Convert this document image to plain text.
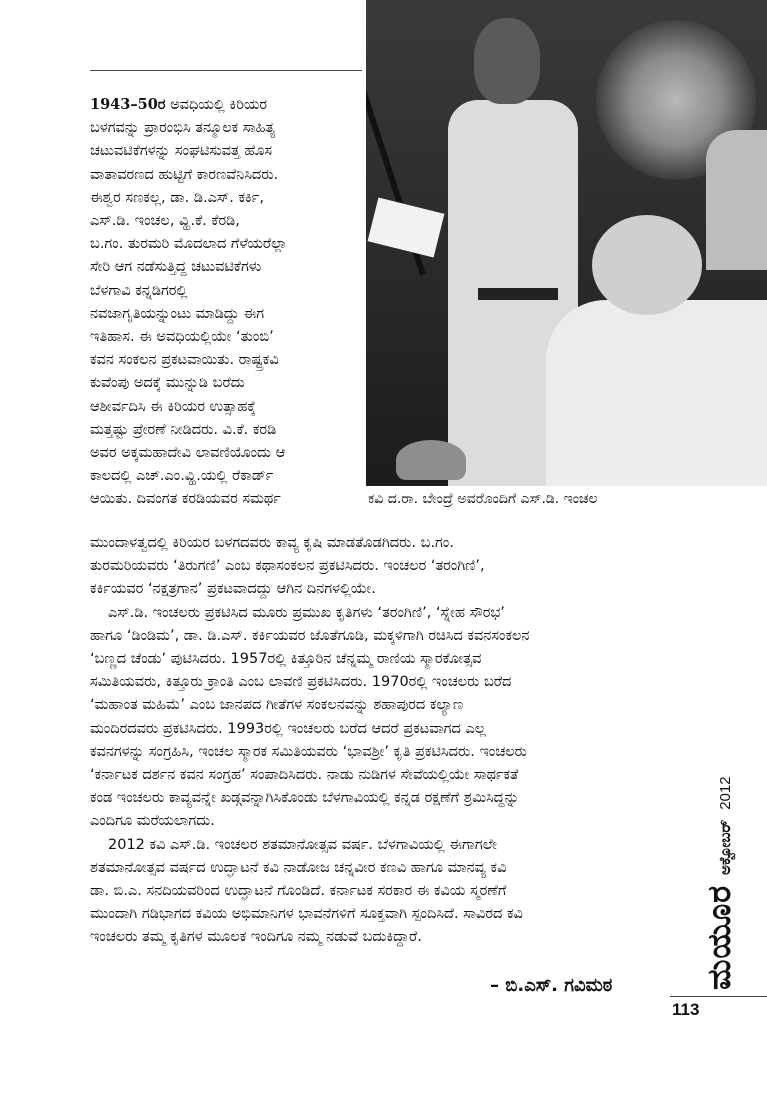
ಕವಿ ದ.ರಾ. ಬೇಂದ್ರೆ ಅವರೊಂದಿಗೆ ಎಸ್.ಡಿ. ಇಂಚಲ

1943–50ರ ಅವಧಿಯಲ್ಲಿ ಕಿರಿಯರ

ಬಳಗವನ್ನು ಪ್ರಾರಂಭಿಸಿ ತನ್ಮೂಲಕ ಸಾಹಿತ್ಯ

ಚಟುವಟಿಕೆಗಳನ್ನು ಸಂಘಟಿಸುವತ್ತ ಹೊಸ

ವಾತಾವರಣದ ಹುಟ್ಟಿಗೆ ಕಾರಣವೆನಿಸಿದರು.

ಈಶ್ವರ ಸಣಕಲ್ಲ, ಡಾ. ಡಿ.ಎಸ್. ಕರ್ಕಿ,

ಎಸ್.ಡಿ. ಇಂಚಲ, ವ್ಹಿ.ಕೆ. ಕೆರಡಿ,

ಬ.ಗಂ. ತುರಮರಿ ಮೊದಲಾದ ಗೆಳೆಯರೆಲ್ಲಾ

ಸೇರಿ ಆಗ ನಡೆಸುತ್ತಿದ್ದ ಚಟುವಟಿಕೆಗಳು

ಬೆಳಗಾವಿ ಕನ್ನಡಿಗರಲ್ಲಿ

ನವಜಾಗೃತಿಯನ್ನುಂಟು ಮಾಡಿದ್ದು ಈಗ

ಇತಿಹಾಸ. ಈ ಅವಧಿಯಲ್ಲಿಯೇ ‘ತುಂಬಿ’

ಕವನ ಸಂಕಲನ ಪ್ರಕಟವಾಯಿತು. ರಾಷ್ಟ್ರಕವಿ

ಕುವೆಂಪು ಅದಕ್ಕೆ ಮುನ್ನುಡಿ ಬರೆದು

ಆಶೀರ್ವದಿಸಿ ಈ ಕಿರಿಯರ ಉತ್ಸಾಹಕ್ಕೆ

ಮತ್ತಷ್ಟು ಪ್ರೇರಣೆ ನೀಡಿದರು. ವಿ.ಕೆ. ಕರಡಿ

ಅವರ ಅಕ್ಕಮಹಾದೇವಿ ಲಾವಣಿಯೊಂದು ಆ

ಕಾಲದಲ್ಲಿ ಎಚ್.ಎಂ.ವ್ಹಿ.ಯಲ್ಲಿ ರೆಕಾರ್ಡ್

ಆಯಿತು. ದಿವಂಗತ ಕರಡಿಯವರ ಸಮರ್ಥ

ಮುಂದಾಳತ್ವದಲ್ಲಿ ಕಿರಿಯರ ಬಳಗದವರು ಕಾವ್ಯ ಕೃಷಿ ಮಾಡತೊಡಗಿದರು. ಬ.ಗಂ.

ತುರಮರಿಯವರು ‘ತಿರುಗಣಿ’ ಎಂಬ ಕಥಾಸಂಕಲನ ಪ್ರಕಟಿಸಿದರು. ಇಂಚಲರ ‘ತರಂಗಿಣಿ’,

ಕರ್ಕಿಯವರ ‘ನಕ್ಷತ್ರಗಾನ’ ಪ್ರಕಟವಾದದ್ದು ಆಗಿನ ದಿನಗಳಲ್ಲಿಯೇ.

ಎಸ್.ಡಿ. ಇಂಚಲರು ಪ್ರಕಟಿಸಿದ ಮೂರು ಪ್ರಮುಖ ಕೃತಿಗಳು ‘ತರಂಗಿಣಿ’, ‘ಸ್ನೇಹ ಸೌರಭ’

ಹಾಗೂ ‘ಡಿಂಡಿಮ’, ಡಾ. ಡಿ.ಎಸ್. ಕರ್ಕಿಯವರ ಜೊತೆಗೂಡಿ, ಮಕ್ಕಳಿಗಾಗಿ ರಚಿಸಿದ ಕವನಸಂಕಲನ

‘ಬಣ್ಣದ ಚೆಂಡು’ ಪುಟಿಸಿದರು. 1957ರಲ್ಲಿ ಕಿತ್ತೂರಿನ ಚೆನ್ನಮ್ಮ ರಾಣಿಯ ಸ್ಮಾರಕೋತ್ಸವ

ಸಮಿತಿಯವರು, ಕಿತ್ತೂರು ಕ್ರಾಂತಿ ಎಂಬ ಲಾವಣಿ ಪ್ರಕಟಿಸಿದರು. 1970ರಲ್ಲಿ ಇಂಚಲರು ಬರೆದ

‘ಮಹಾಂತ ಮಹಿಮೆ’ ಎಂಬ ಜಾನಪದ ಗೀತೆಗಳ ಸಂಕಲನವನ್ನು ಶಹಾಪುರದ ಕಲ್ಯಾಣ

ಮಂದಿರದವರು ಪ್ರಕಟಿಸಿದರು. 1993ರಲ್ಲಿ ಇಂಚಲರು ಬರೆದ ಆದರೆ ಪ್ರಕಟವಾಗದ ಎಲ್ಲ

ಕವನಗಳನ್ನು ಸಂಗ್ರಹಿಸಿ, ಇಂಚಲ ಸ್ಮಾರಕ ಸಮಿತಿಯವರು ‘ಭಾವಶ್ರೀ’ ಕೃತಿ ಪ್ರಕಟಿಸಿದರು. ಇಂಚಲರು

‘ಕರ್ನಾಟಕ ದರ್ಶನ ಕವನ ಸಂಗ್ರಹ’ ಸಂಪಾದಿಸಿದರು. ನಾಡು ನುಡಿಗಳ ಸೇವೆಯಲ್ಲಿಯೇ ಸಾರ್ಥಕತೆ

ಕಂಡ ಇಂಚಲರು ಕಾವ್ಯವನ್ನೇ ಖಡ್ಗವನ್ನಾಗಿಸಿಕೊಂಡು ಬೆಳಗಾವಿಯಲ್ಲಿ ಕನ್ನಡ ರಕ್ಷಣೆಗೆ ಶ್ರಮಿಸಿದ್ದನ್ನು

ಎಂದಿಗೂ ಮರೆಯಲಾಗದು.

2012 ಕವಿ ಎಸ್.ಡಿ. ಇಂಚಲರ ಶತಮಾನೋತ್ಸವ ವರ್ಷ. ಬೆಳಗಾವಿಯಲ್ಲಿ ಈಗಾಗಲೇ

ಶತಮಾನೋತ್ಸವ ವರ್ಷದ ಉದ್ಘಾಟನೆ ಕವಿ ನಾಡೋಜ ಚನ್ನವೀರ ಕಣವಿ ಹಾಗೂ ಮಾನವ್ಯ ಕವಿ

ಡಾ. ಬಿ.ಎ. ಸನದಿಯವರಿಂದ ಉದ್ಘಾಟನೆ ಗೊಂಡಿದೆ. ಕರ್ನಾಟಕ ಸರಕಾರ ಈ ಕವಿಯ ಸ್ಮರಣೆಗೆ

ಮುಂದಾಗಿ ಗಡಿಭಾಗದ ಕವಿಯ ಅಭಿಮಾನಿಗಳ ಭಾವನೆಗಳಿಗೆ ಸೂಕ್ತವಾಗಿ ಸ್ಪಂದಿಸಿದೆ. ಸಾವಿರದ ಕವಿ

ಇಂಚಲರು ತಮ್ಮ ಕೃತಿಗಳ ಮೂಲಕ ಇಂದಿಗೂ ನಮ್ಮ ನಡುವೆ ಬದುಕಿದ್ದಾರೆ.

– ಬಿ.ಎಸ್. ಗವಿಮಠ	ಮಯೂರ
ಅಕ್ಟೋಬರ್
2012
113
